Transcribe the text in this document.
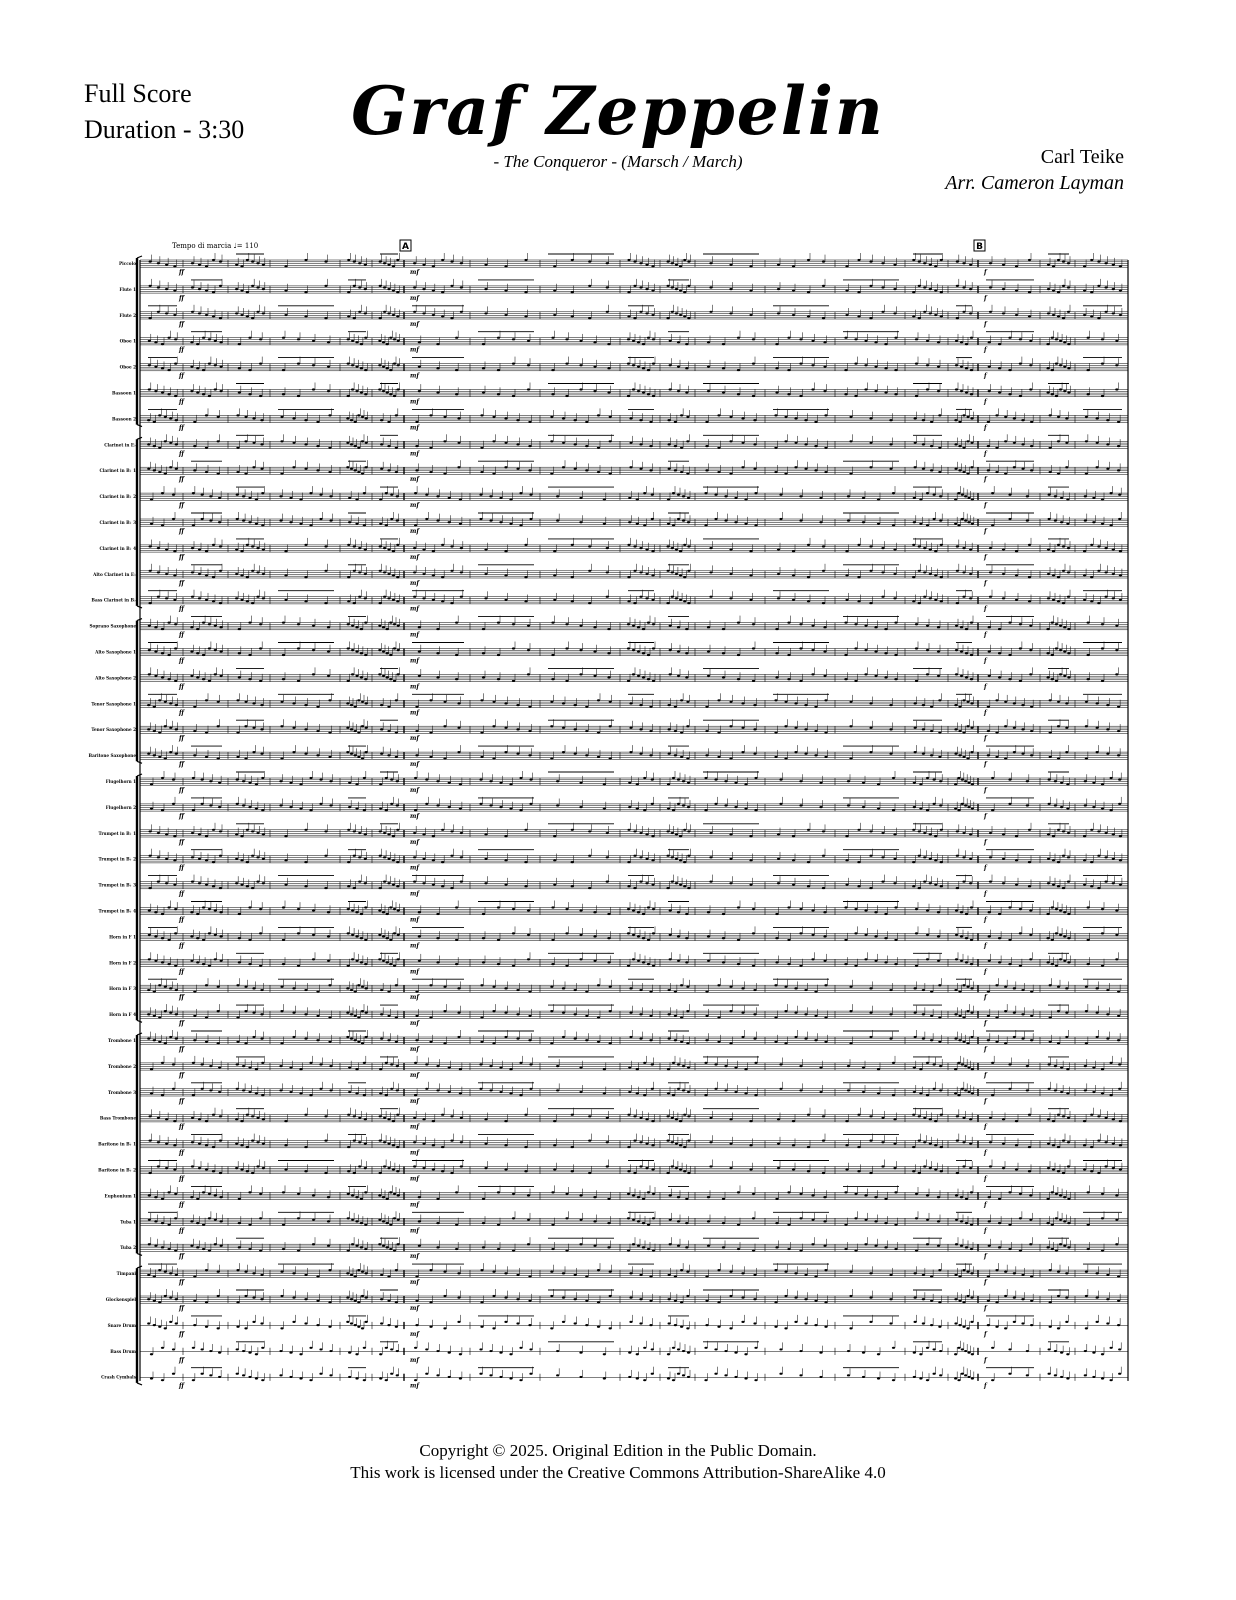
Full Score
Duration - 3:30	Graf Zeppelin
- The Conqueror - (Marsch / March)	Carl Teike
Arr. Cameron Layman
Tempo di marcia ♩= 110	A	B
Piccolo
ff	mf	f
Flute 1
ff	mf	f
Flute 2
ff	mf	f
Oboe 1
ff	mf	f
Oboe 2
ff	mf	f
Bassoon 1
ff	mf	f
Bassoon 2
ff	mf	f
Clarinet in E♭
ff	mf	f
Clarinet in B♭ 1
ff	mf	f
Clarinet in B♭ 2
ff	mf	f
Clarinet in B♭ 3
ff	mf	f
Clarinet in B♭ 4
ff	mf	f
Alto Clarinet in E♭
ff	mf	f
Bass Clarinet in B♭
ff	mf	f
Soprano Saxophone
ff	mf	f
Alto Saxophone 1
ff	mf	f
Alto Saxophone 2
ff	mf	f
Tenor Saxophone 1
ff	mf	f
Tenor Saxophone 2
ff	mf	f
Baritone Saxophone
ff	mf	f
Flugelhorn 1
ff	mf	f
Flugelhorn 2
ff	mf	f
Trumpet in B♭ 1
ff	mf	f
Trumpet in B♭ 2
ff	mf	f
Trumpet in B♭ 3
ff	mf	f
Trumpet in B♭ 4
ff	mf	f
Horn in F 1
ff	mf	f
Horn in F 2
ff	mf	f
Horn in F 3
ff	mf	f
Horn in F 4
ff	mf	f
Trombone 1
ff	mf	f
Trombone 2
ff	mf	f
Trombone 3
ff	mf	f
Bass Trombone
ff	mf	f
Baritone in B♭ 1
ff	mf	f
Baritone in B♭ 2
ff	mf	f
Euphonium 1
ff	mf	f
Tuba 1
ff	mf	f
Tuba 2
ff	mf	f
Timpani
ff	mf	f
Glockenspiel
ff	mf	f
Snare Drum
ff	mf	f
Bass Drum
ff	mf	f
Crash Cymbals
ff	mf	f
Copyright © 2025. Original Edition in the Public Domain.
This work is licensed under the Creative Commons Attribution-ShareAlike 4.0
